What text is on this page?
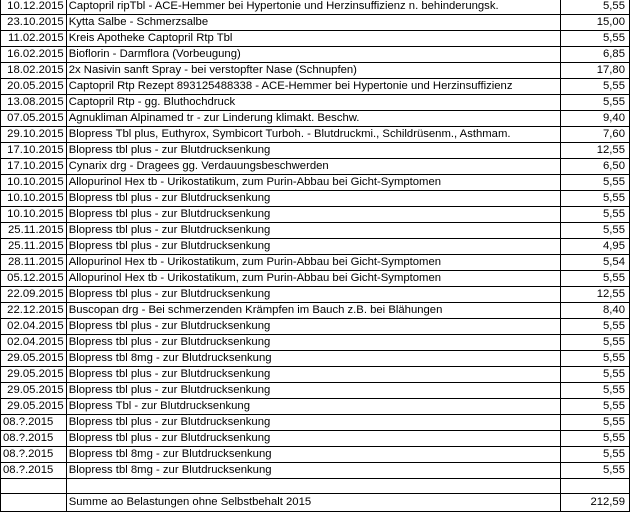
10.12.2015	Captopril ripTbl - ACE-Hemmer bei Hypertonie und Herzinsuffizienz n. behinderungsk.	5,55
23.10.2015	Kytta Salbe - Schmerzsalbe	15,00
11.02.2015	Kreis Apotheke Captopril Rtp Tbl	5,55
16.02.2015	Bioflorin - Darmflora (Vorbeugung)	6,85
18.02.2015	2x Nasivin sanft Spray - bei verstopfter Nase (Schnupfen)	17,80
20.05.2015	Captopril Rtp Rezept 893125488338 - ACE-Hemmer bei Hypertonie und Herzinsuffizienz	5,55
13.08.2015	Captopril Rtp - gg. Bluthochdruck	5,55
07.05.2015	Agnukliman Alpinamed tr - zur Linderung klimakt. Beschw.	9,40
29.10.2015	Blopress Tbl plus, Euthyrox, Symbicort Turboh. - Blutdruckmi., Schildrüsenm., Asthmam.	7,60
17.10.2015	Blopress tbl plus - zur Blutdrucksenkung	12,55
17.10.2015	Cynarix drg - Dragees gg. Verdauungsbeschwerden	6,50
10.10.2015	Allopurinol Hex tb - Urikostatikum, zum Purin-Abbau bei Gicht-Symptomen	5,55
10.10.2015	Blopress tbl plus - zur Blutdrucksenkung	5,55
10.10.2015	Blopress tbl plus - zur Blutdrucksenkung	5,55
25.11.2015	Blopress tbl plus - zur Blutdrucksenkung	5,55
25.11.2015	Blopress tbl plus - zur Blutdrucksenkung	4,95
28.11.2015	Allopurinol Hex tb - Urikostatikum, zum Purin-Abbau bei Gicht-Symptomen	5,54
05.12.2015	Allopurinol Hex tb - Urikostatikum, zum Purin-Abbau bei Gicht-Symptomen	5,55
22.09.2015	Blopress tbl plus - zur Blutdrucksenkung	12,55
22.12.2015	Buscopan drg - Bei schmerzenden Krämpfen im Bauch z.B. bei Blähungen	8,40
02.04.2015	Blopress tbl plus - zur Blutdrucksenkung	5,55
02.04.2015	Blopress tbl plus - zur Blutdrucksenkung	5,55
29.05.2015	Blopress tbl 8mg - zur Blutdrucksenkung	5,55
29.05.2015	Blopress tbl plus - zur Blutdrucksenkung	5,55
29.05.2015	Blopress tbl plus - zur Blutdrucksenkung	5,55
29.05.2015	Blopress Tbl - zur Blutdrucksenkung	5,55
08.?.2015	Blopress tbl plus - zur Blutdrucksenkung	5,55
08.?.2015	Blopress tbl plus - zur Blutdrucksenkung	5,55
08.?.2015	Blopress tbl 8mg - zur Blutdrucksenkung	5,55
08.?.2015	Blopress tbl 8mg - zur Blutdrucksenkung	5,55

	Summe ao Belastungen ohne Selbstbehalt 2015	212,59
